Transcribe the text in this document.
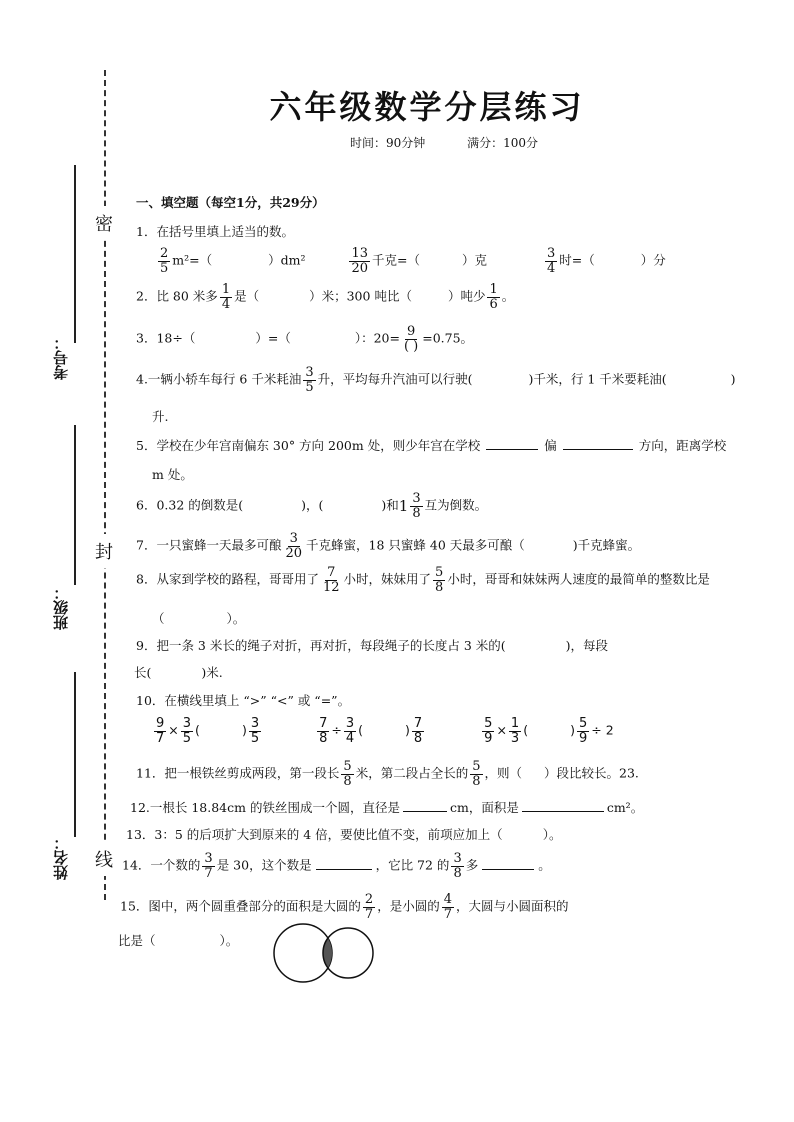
考号：
班级：
姓名：
密
封
线
六年级数学分层练习
时间：90分钟	满分：100分
一、填空题（每空1分，共29分）
1．在括号里填上适当的数。
$\frac{2}{5} m^2=$（	）dm²	$\frac{13}{20}$ 千克=（	）克	$\frac{3}{4}$ 时=（	）分
2．比 80 米多 $\frac{1}{4}$ 是（	）米；300 吨比（	）吨少 $\frac{1}{6}$ 。
3．18÷（	）=（	）：$20= \frac{9}{( )} =0.75$。
4.一辆小轿车每行 6 千米耗油 $\frac{3}{5}$ 升，平均每升汽油可以行驶(	)千米，行 1 千米要耗油(	)
升.
5．学校在少年宫南偏东 30° 方向 200m 处，则少年宫在学校	偏	方向，距离学校
m 处。
6．0.32 的倒数是(	)，(	)和$1 \frac{3}{8}$ 互为倒数。
7．一只蜜蜂一天最多可酿 $\frac{3}{20}$ 千克蜂蜜，18 只蜜蜂 40 天最多可酿（	)千克蜂蜜。
8．从家到学校的路程，哥哥用了 $\frac{7}{12}$ 小时，妹妹用了 $\frac{5}{8}$ 小时，哥哥和妹妹两人速度的最简单的整数比是
（	）。
9．把一条 3 米长的绳子对折，再对折，每段绳子的长度占 3 米的(	)，每段
长(	)米.
10．在横线里填上 “>” “<” 或 “=”。
$\frac{9}{7} \times \frac{3}{5}$ (	) $\frac{3}{5}$
	$\frac{7}{8} \div \frac{3}{4}$ (	) $\frac{7}{8}$
	$\frac{5}{9} \times \frac{1}{3}$ (	) $\frac{5}{9} \div 2$
11．把一根铁丝剪成两段，第一段长 $\frac{5}{8}$ 米，第二段占全长的 $\frac{5}{8}$ ，则（ ）段比较长。23.
12.一根长 18.84cm 的铁丝围成一个圆，直径是	cm，面积是	cm²。
13．3：5 的后项扩大到原来的 4 倍，要使比值不变，前项应加上（	）。
14．一个数的 $\frac{3}{7}$ 是 30，这个数是	，它比 72 的 $\frac{3}{8}$ 多	。
15．图中，两个圆重叠部分的面积是大圆的 $\frac{2}{7}$ ，是小圆的 $\frac{4}{7}$ ，大圆与小圆面积的
比是（	）。
